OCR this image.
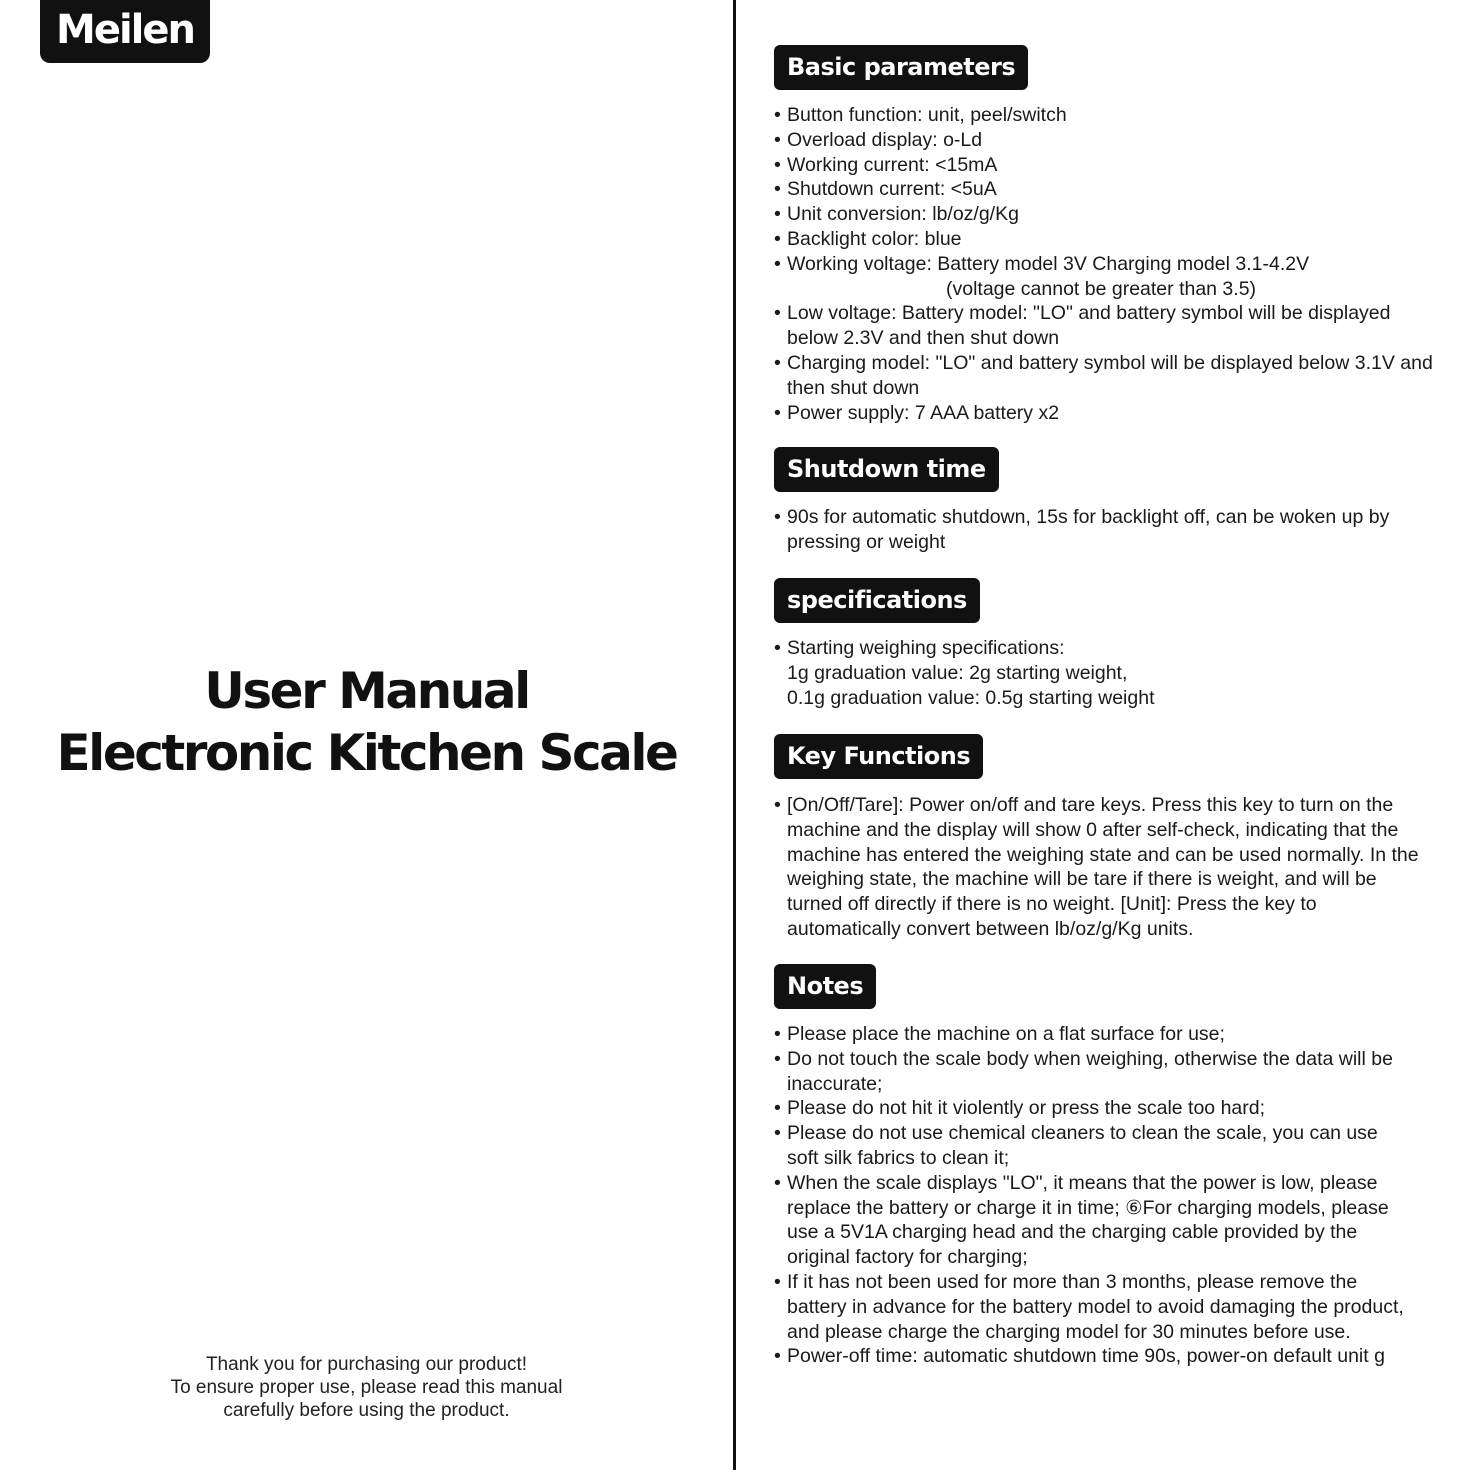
Meilen
User Manual
Electronic Kitchen Scale
Thank you for purchasing our product!
To ensure proper use, please read this manual
carefully before using the product.
Basic parameters
• Button function: unit, peel/switch
• Overload display: o-Ld
• Working current: <15mA
• Shutdown current: <5uA
• Unit conversion: lb/oz/g/Kg
• Backlight color: blue
• Working voltage: Battery model 3V Charging model 3.1-4.2V
(voltage cannot be greater than 3.5)
• Low voltage: Battery model: "LO" and battery symbol will be displayed
below 2.3V and then shut down
• Charging model: "LO" and battery symbol will be displayed below 3.1V and
then shut down
• Power supply: 7 AAA battery x2
Shutdown time
• 90s for automatic shutdown, 15s for backlight off, can be woken up by
pressing or weight
specifications
• Starting weighing specifications:
1g graduation value: 2g starting weight,
0.1g graduation value: 0.5g starting weight
Key Functions
• [On/Off/Tare]: Power on/off and tare keys. Press this key to turn on the
machine and the display will show 0 after self-check, indicating that the
machine has entered the weighing state and can be used normally. In the
weighing state, the machine will be tare if there is weight, and will be
turned off directly if there is no weight. [Unit]: Press the key to
automatically convert between lb/oz/g/Kg units.
Notes
• Please place the machine on a flat surface for use;
• Do not touch the scale body when weighing, otherwise the data will be
inaccurate;
• Please do not hit it violently or press the scale too hard;
• Please do not use chemical cleaners to clean the scale, you can use
soft silk fabrics to clean it;
• When the scale displays "LO", it means that the power is low, please
replace the battery or charge it in time; ⑥For charging models, please
use a 5V1A charging head and the charging cable provided by the
original factory for charging;
• If it has not been used for more than 3 months, please remove the
battery in advance for the battery model to avoid damaging the product,
and please charge the charging model for 30 minutes before use.
• Power-off time: automatic shutdown time 90s, power-on default unit g
